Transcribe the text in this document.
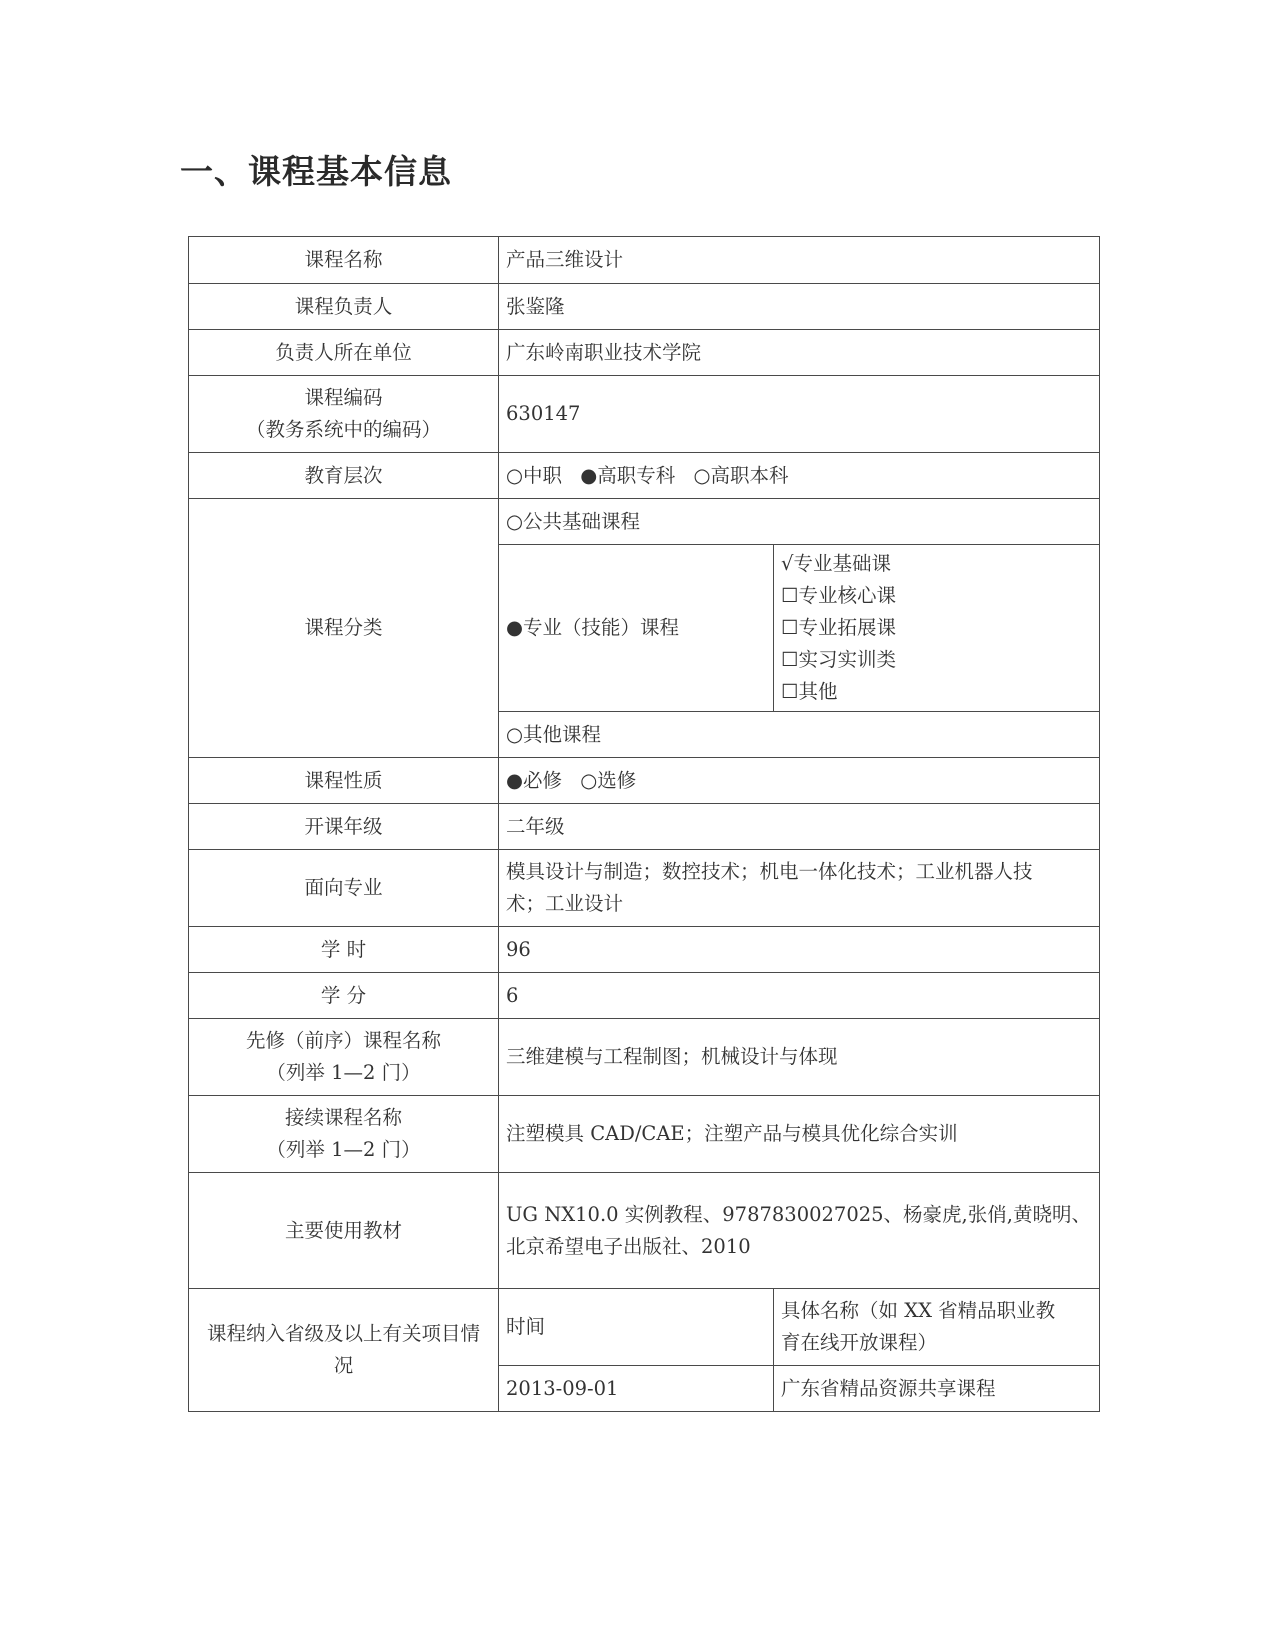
一、课程基本信息
课程名称	产品三维设计	
课程负责人	张鉴隆	
负责人所在单位	广东岭南职业技术学院	

课程编码
（教务系统中的编码）	630147	
教育层次	○中职 ●高职专科 ○高职本科	
课程分类	○公共基础课程	
	●专业（技能）课程	√专业基础课
☐专业核心课
☐专业拓展课
☐实习实训类
☐其他

	○其他课程	
课程性质	●必修 ○选修	
开课年级	二年级	
面向专业	模具设计与制造；数控技术；机电一体化技术；工业机器人技
术；工业设计	

学 时	96	
学 分	6	

先修（前序）课程名称
（列举 1—2 门）	三维建模与工程制图；机械设计与体现	

接续课程名称
（列举 1—2 门）	注塑模具 CAD/CAE；注塑产品与模具优化综合实训	
主要使用教材	UG NX10.0 实例教程、9787830027025、杨豪虎,张俏,黄晓明、
北京希望电子出版社、2010	

课程纳入省级及以上有关项目情
况	时间	具体名称（如 XX 省精品职业教
育在线开放课程）

	2013-09-01	广东省精品资源共享课程
